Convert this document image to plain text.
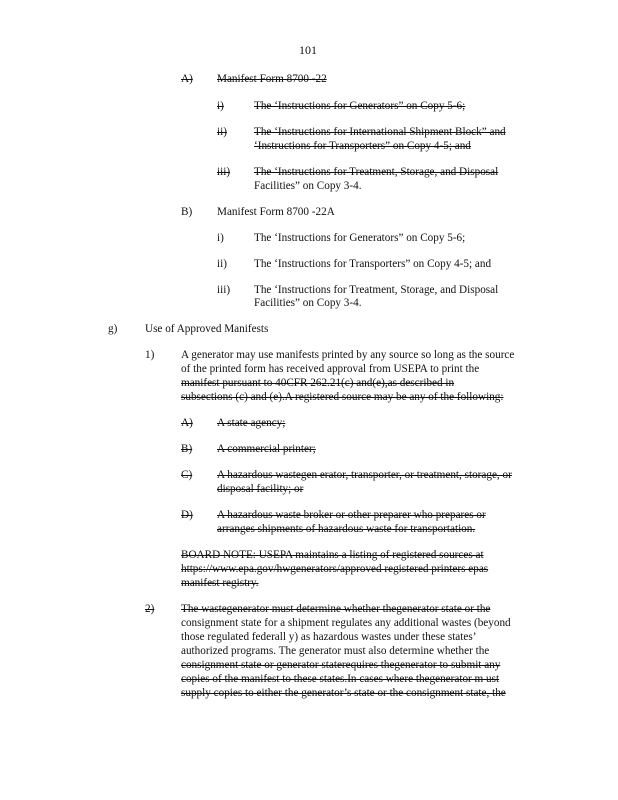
101
A) Manifest Form 8700 -22
i)	The ‘Instructions for Generators” on Copy 5-6;
ii) The ‘Instructions for International Shipment Block” and
‘Instructions for Transporters” on Copy 4-5; and
iii) The ‘Instructions for Treatment, Storage, and Disposal
Facilities” on Copy 3-4.
B) Manifest Form 8700 -22A
i)	The ‘Instructions for Generators” on Copy 5-6;
ii) The ‘Instructions for Transporters” on Copy 4-5; and
iii) The ‘Instructions for Treatment, Storage, and Disposal
Facilities” on Copy 3-4.
g) Use of Approved Manifests
1) A generator may use manifests printed by any source so long as the source
of the printed form has received approval from USEPA to print the
manifest pursuant to 40CFR 262.21(c) and(e),as described in
subsections (c) and (e).A registered source may be any of the following:
A) A state agency;
B) A commercial printer;
C) A hazardous wastegen erator, transporter, or treatment, storage, or
disposal facility; or
D) A hazardous waste broker or other preparer who prepares or
arranges shipments of hazardous waste for transportation.
BOARD NOTE: USEPA maintains a listing of registered sources at
https://www.epa.gov/hwgenerators/approved registered printers epas
manifest registry.
2) The wastegenerator must determine whether thegenerator state or the
consignment state for a shipment regulates any additional wastes (beyond
those regulated federall y) as hazardous wastes under these states’
authorized programs. The generator must also determine whether the
consignment state or generator staterequires thegenerator to submit any
copies of the manifest to these states.In cases where thegenerator m ust
supply copies to either the generator’s state or the consignment state, the
